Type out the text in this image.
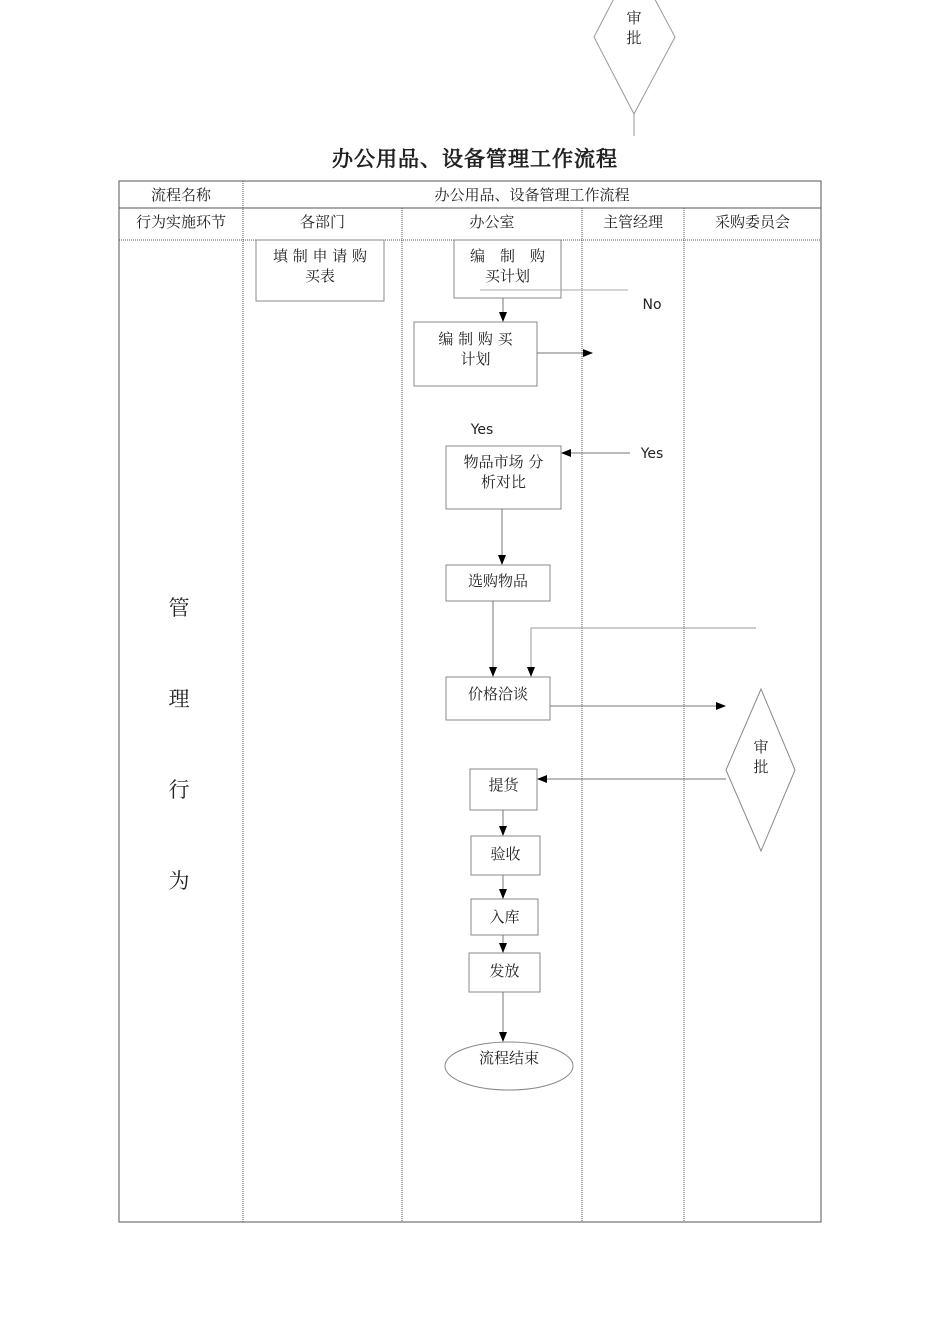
审
批
办公用品、设备管理工作流程
流程名称	办公用品、设备管理工作流程
行为实施环节	各部门	办公室	主管经理	采购委员会
管
理
行
为
填 制 申 请 购
买表
编　制　购
买计划
编 制 购 买
计划
物品市场 分
析对比
选购物品
价格洽谈
审
批
提货
验收
入库
发放
流程结束
No
Yes
Yes
